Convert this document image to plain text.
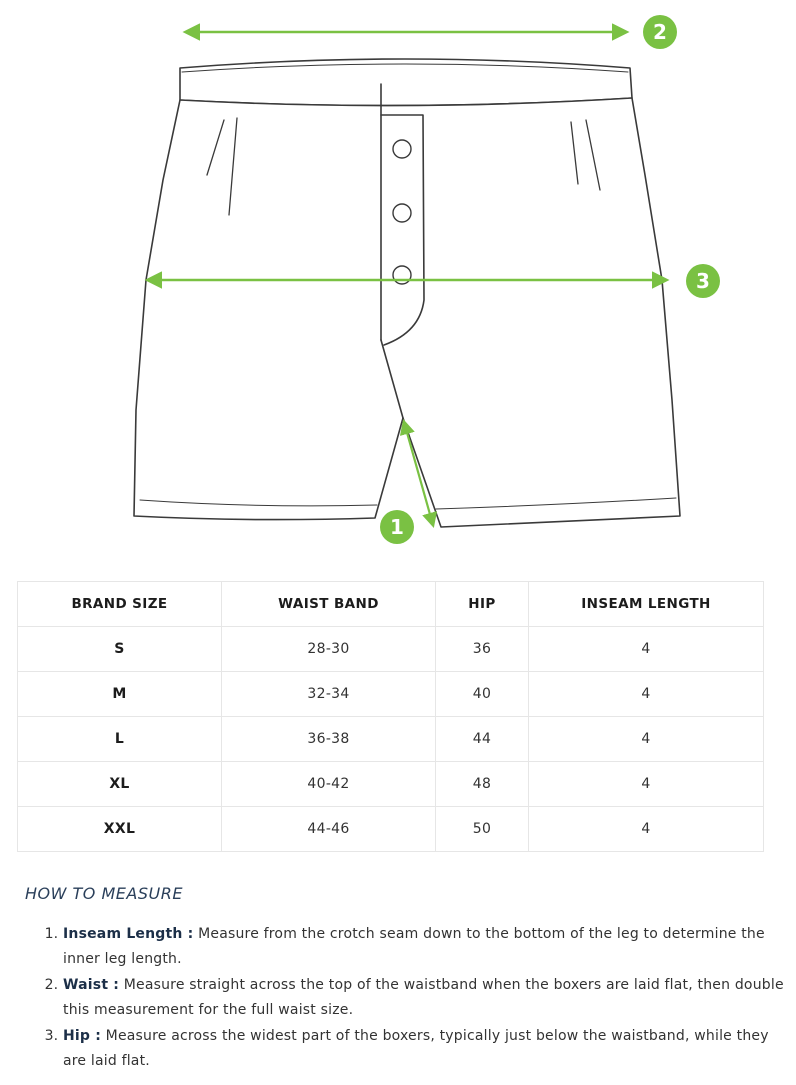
2
3
1
BRAND SIZE	WAIST BAND	HIP	INSEAM LENGTH
S	28-30	36	4
M	32-34	40	4
L	36-38	44	4
XL	40-42	48	4
XXL	44-46	50	4
HOW TO MEASURE
1. Inseam Length : Measure from the crotch seam down to the bottom of the leg to determine the inner leg length.
2. Waist : Measure straight across the top of the waistband when the boxers are laid flat, then double this measurement for the full waist size.
3. Hip : Measure across the widest part of the boxers, typically just below the waistband, while they are laid flat.
